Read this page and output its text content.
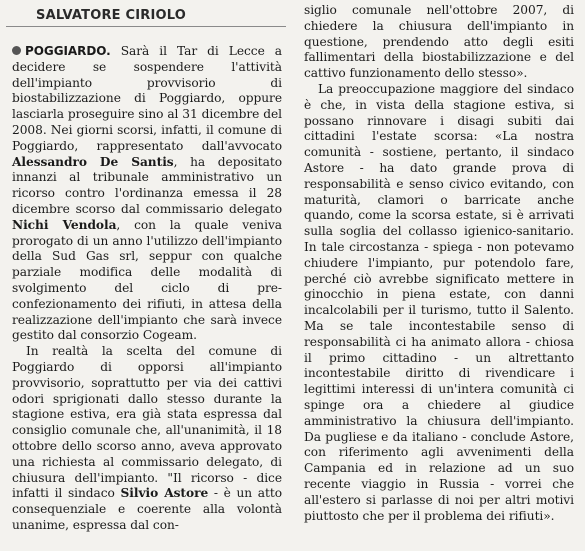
SALVATORE CIRIOLO

POGGIARDO. Sarà il Tar di Lecce a decidere se sospendere l'attività dell'impianto provvisorio di biostabilizzazione di Poggiardo, oppure lasciarla proseguire sino al 31 dicembre del 2008. Nei giorni scorsi, infatti, il comune di Poggiardo, rappresentato dall'avvocato Alessandro De Santis, ha depositato innanzi al tribunale amministrativo un ricorso contro l'ordinanza emessa il 28 dicembre scorso dal commissario delegato Nichi Vendola, con la quale veniva prorogato di un anno l'utilizzo dell'impianto della Sud Gas srl, seppur con qualche parziale modifica delle modalità di svolgimento del ciclo di pre-confezionamento dei rifiuti, in attesa della realizzazione dell'impianto che sarà invece gestito dal consorzio Cogeam.

In realtà la scelta del comune di Poggiardo di opporsi all'impianto provvisorio, soprattutto per via dei cattivi odori sprigionati dallo stesso durante la stagione estiva, era già stata espressa dal consiglio comunale che, all'unanimità, il 18 ottobre dello scorso anno, aveva approvato una richiesta al commissario delegato, di chiusura dell'impianto. "Il ricorso - dice infatti il sindaco Silvio Astore - è un atto consequenziale e coerente alla volontà unanime, espressa dal con-

siglio comunale nell'ottobre 2007, di chiedere la chiusura dell'impianto in questione, prendendo atto degli esiti fallimentari della biostabilizzazione e del cattivo funzionamento dello stesso».

La preoccupazione maggiore del sindaco è che, in vista della stagione estiva, si possano rinnovare i disagi subiti dai cittadini l'estate scorsa: «La nostra comunità - sostiene, pertanto, il sindaco Astore - ha dato grande prova di responsabilità e senso civico evitando, con maturità, clamori o barricate anche quando, come la scorsa estate, si è arrivati sulla soglia del collasso igienico-sanitario. In tale circostanza - spiega - non potevamo chiudere l'impianto, pur potendolo fare, perché ciò avrebbe significato mettere in ginocchio in piena estate, con danni incalcolabili per il turismo, tutto il Salento. Ma se tale incontestabile senso di responsabilità ci ha animato allora - chiosa il primo cittadino - un altrettanto incontestabile diritto di rivendicare i legittimi interessi di un'intera comunità ci spinge ora a chiedere al giudice amministrativo la chiusura dell'impianto. Da pugliese e da italiano - conclude Astore, con riferimento agli avvenimenti della Campania ed in relazione ad un suo recente viaggio in Russia - vorrei che all'estero si parlasse di noi per altri motivi piuttosto che per il problema dei rifiuti».
